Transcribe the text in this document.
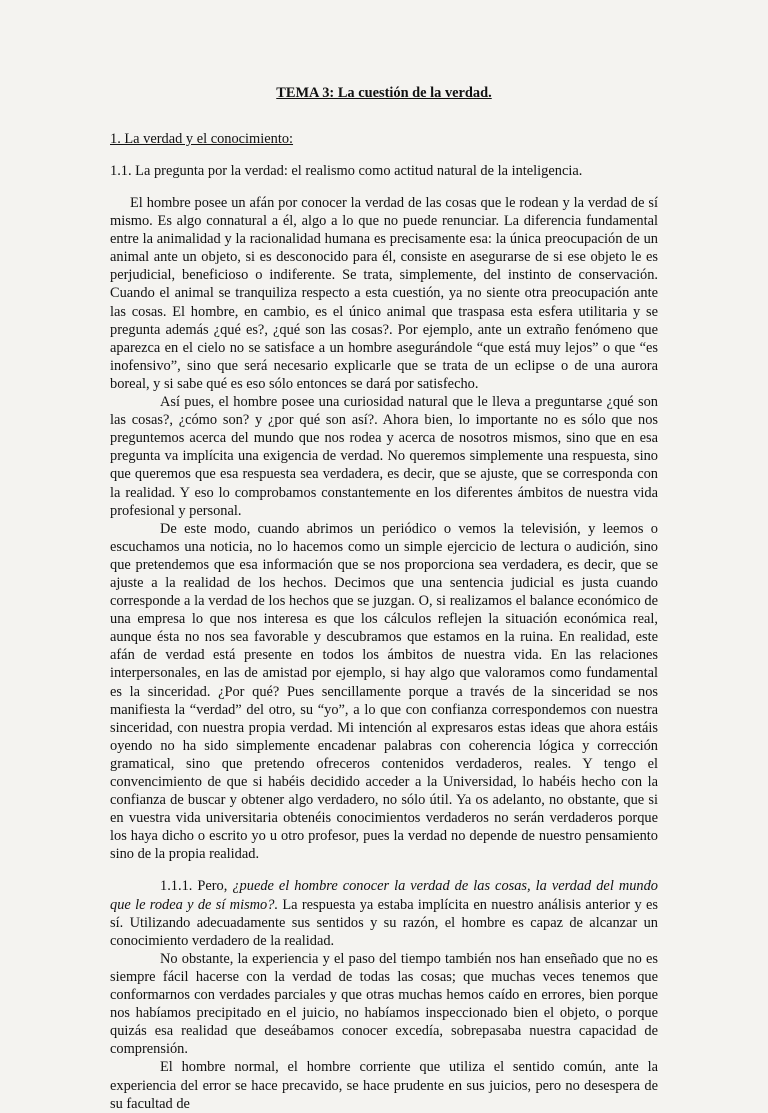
TEMA 3: La cuestión de la verdad.

1. La verdad y el conocimiento:

1.1. La pregunta por la verdad: el realismo como actitud natural de la inteligencia.

El hombre posee un afán por conocer la verdad de las cosas que le rodean y la verdad de sí mismo. Es algo connatural a él, algo a lo que no puede renunciar. La diferencia fundamental entre la animalidad y la racionalidad humana es precisamente esa: la única preocupación de un animal ante un objeto, si es desconocido para él, consiste en asegurarse de si ese objeto le es perjudicial, beneficioso o indiferente. Se trata, simplemente, del instinto de conservación. Cuando el animal se tranquiliza respecto a esta cuestión, ya no siente otra preocupación ante las cosas. El hombre, en cambio, es el único animal que traspasa esta esfera utilitaria y se pregunta además ¿qué es?, ¿qué son las cosas?. Por ejemplo, ante un extraño fenómeno que aparezca en el cielo no se satisface a un hombre asegurándole “que está muy lejos” o que “es inofensivo”, sino que será necesario explicarle que se trata de un eclipse o de una aurora boreal, y si sabe qué es eso sólo entonces se dará por satisfecho.

Así pues, el hombre posee una curiosidad natural que le lleva a preguntarse ¿qué son las cosas?, ¿cómo son? y ¿por qué son así?. Ahora bien, lo importante no es sólo que nos preguntemos acerca del mundo que nos rodea y acerca de nosotros mismos, sino que en esa pregunta va implícita una exigencia de verdad. No queremos simplemente una respuesta, sino que queremos que esa respuesta sea verdadera, es decir, que se ajuste, que se corresponda con la realidad. Y eso lo comprobamos constantemente en los diferentes ámbitos de nuestra vida profesional y personal.

De este modo, cuando abrimos un periódico o vemos la televisión, y leemos o escuchamos una noticia, no lo hacemos como un simple ejercicio de lectura o audición, sino que pretendemos que esa información que se nos proporciona sea verdadera, es decir, que se ajuste a la realidad de los hechos. Decimos que una sentencia judicial es justa cuando corresponde a la verdad de los hechos que se juzgan. O, si realizamos el balance económico de una empresa lo que nos interesa es que los cálculos reflejen la situación económica real, aunque ésta no nos sea favorable y descubramos que estamos en la ruina. En realidad, este afán de verdad está presente en todos los ámbitos de nuestra vida. En las relaciones interpersonales, en las de amistad por ejemplo, si hay algo que valoramos como fundamental es la sinceridad. ¿Por qué? Pues sencillamente porque a través de la sinceridad se nos manifiesta la “verdad” del otro, su “yo”, a lo que con confianza correspondemos con nuestra sinceridad, con nuestra propia verdad. Mi intención al expresaros estas ideas que ahora estáis oyendo no ha sido simplemente encadenar palabras con coherencia lógica y corrección gramatical, sino que pretendo ofreceros contenidos verdaderos, reales. Y tengo el convencimiento de que si habéis decidido acceder a la Universidad, lo habéis hecho con la confianza de buscar y obtener algo verdadero, no sólo útil. Ya os adelanto, no obstante, que si en vuestra vida universitaria obtenéis conocimientos verdaderos no serán verdaderos porque los haya dicho o escrito yo u otro profesor, pues la verdad no depende de nuestro pensamiento sino de la propia realidad.

1.1.1. Pero, ¿puede el hombre conocer la verdad de las cosas, la verdad del mundo que le rodea y de sí mismo?. La respuesta ya estaba implícita en nuestro análisis anterior y es sí. Utilizando adecuadamente sus sentidos y su razón, el hombre es capaz de alcanzar un conocimiento verdadero de la realidad.

No obstante, la experiencia y el paso del tiempo también nos han enseñado que no es siempre fácil hacerse con la verdad de todas las cosas; que muchas veces tenemos que conformarnos con verdades parciales y que otras muchas hemos caído en errores, bien porque nos habíamos precipitado en el juicio, no habíamos inspeccionado bien el objeto, o porque quizás esa realidad que deseábamos conocer excedía, sobrepasaba nuestra capacidad de comprensión.

El hombre normal, el hombre corriente que utiliza el sentido común, ante la experiencia del error se hace precavido, se hace prudente en sus juicios, pero no desespera de su facultad de
